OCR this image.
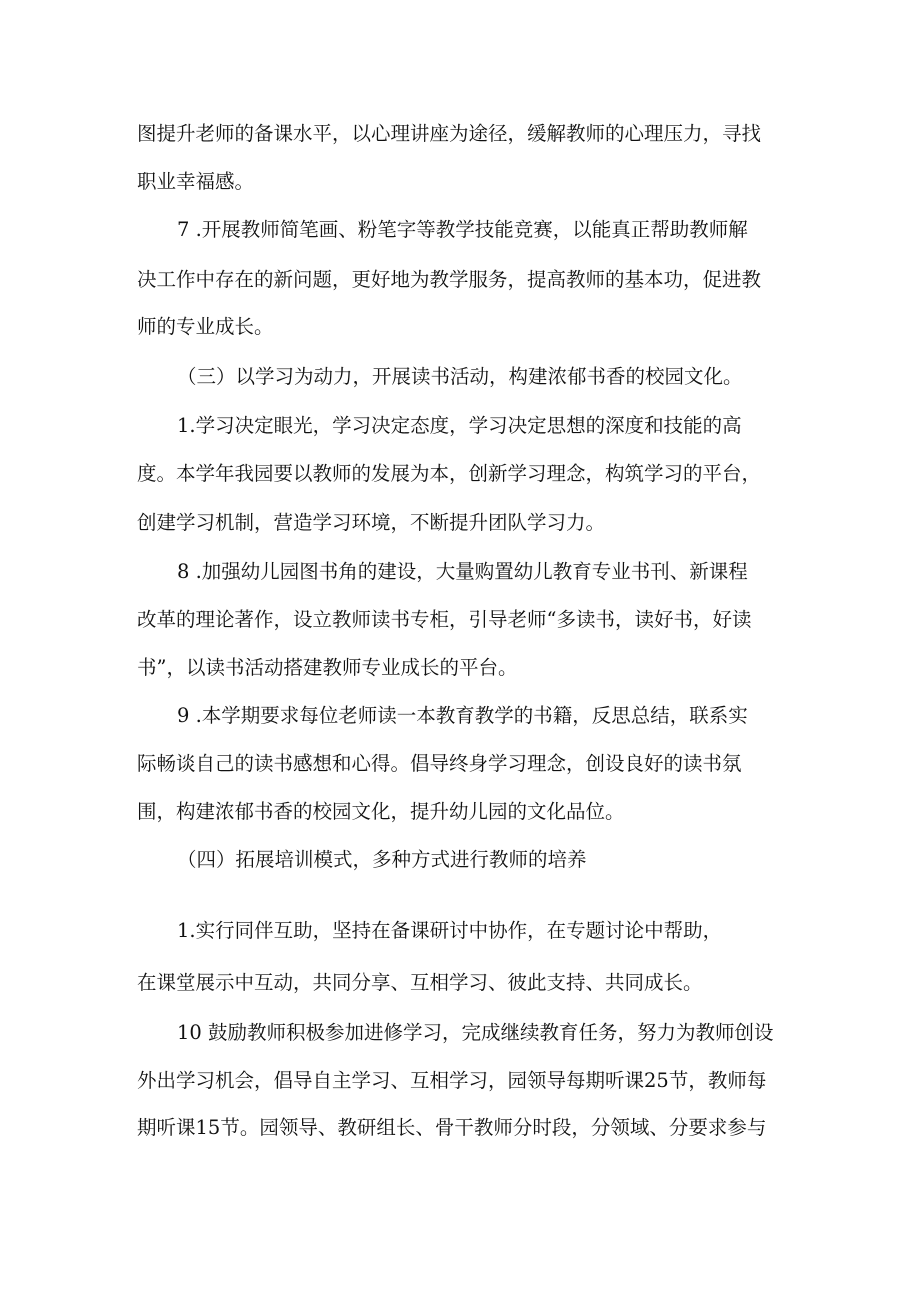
图提升老师的备课水平，以心理讲座为途径，缓解教师的心理压力，寻找
职业幸福感。
7 .开展教师简笔画、粉笔字等教学技能竞赛，以能真正帮助教师解
决工作中存在的新问题，更好地为教学服务，提高教师的基本功，促进教
师的专业成长。
（三）以学习为动力，开展读书活动，构建浓郁书香的校园文化。
1.学习决定眼光，学习决定态度，学习决定思想的深度和技能的高
度。本学年我园要以教师的发展为本，创新学习理念，构筑学习的平台，
创建学习机制，营造学习环境，不断提升团队学习力。
8 .加强幼儿园图书角的建设，大量购置幼儿教育专业书刊、新课程
改革的理论著作，设立教师读书专柜，引导老师“多读书，读好书，好读
书”，以读书活动搭建教师专业成长的平台。
9 .本学期要求每位老师读一本教育教学的书籍，反思总结，联系实
际畅谈自己的读书感想和心得。倡导终身学习理念，创设良好的读书氛
围，构建浓郁书香的校园文化，提升幼儿园的文化品位。
（四）拓展培训模式，多种方式进行教师的培养
1.实行同伴互助，坚持在备课研讨中协作，在专题讨论中帮助，
在课堂展示中互动，共同分享、互相学习、彼此支持、共同成长。
10 鼓励教师积极参加进修学习，完成继续教育任务，努力为教师创设
外出学习机会，倡导自主学习、互相学习，园领导每期听课25节，教师每
期听课15节。园领导、教研组长、骨干教师分时段，分领域、分要求参与
